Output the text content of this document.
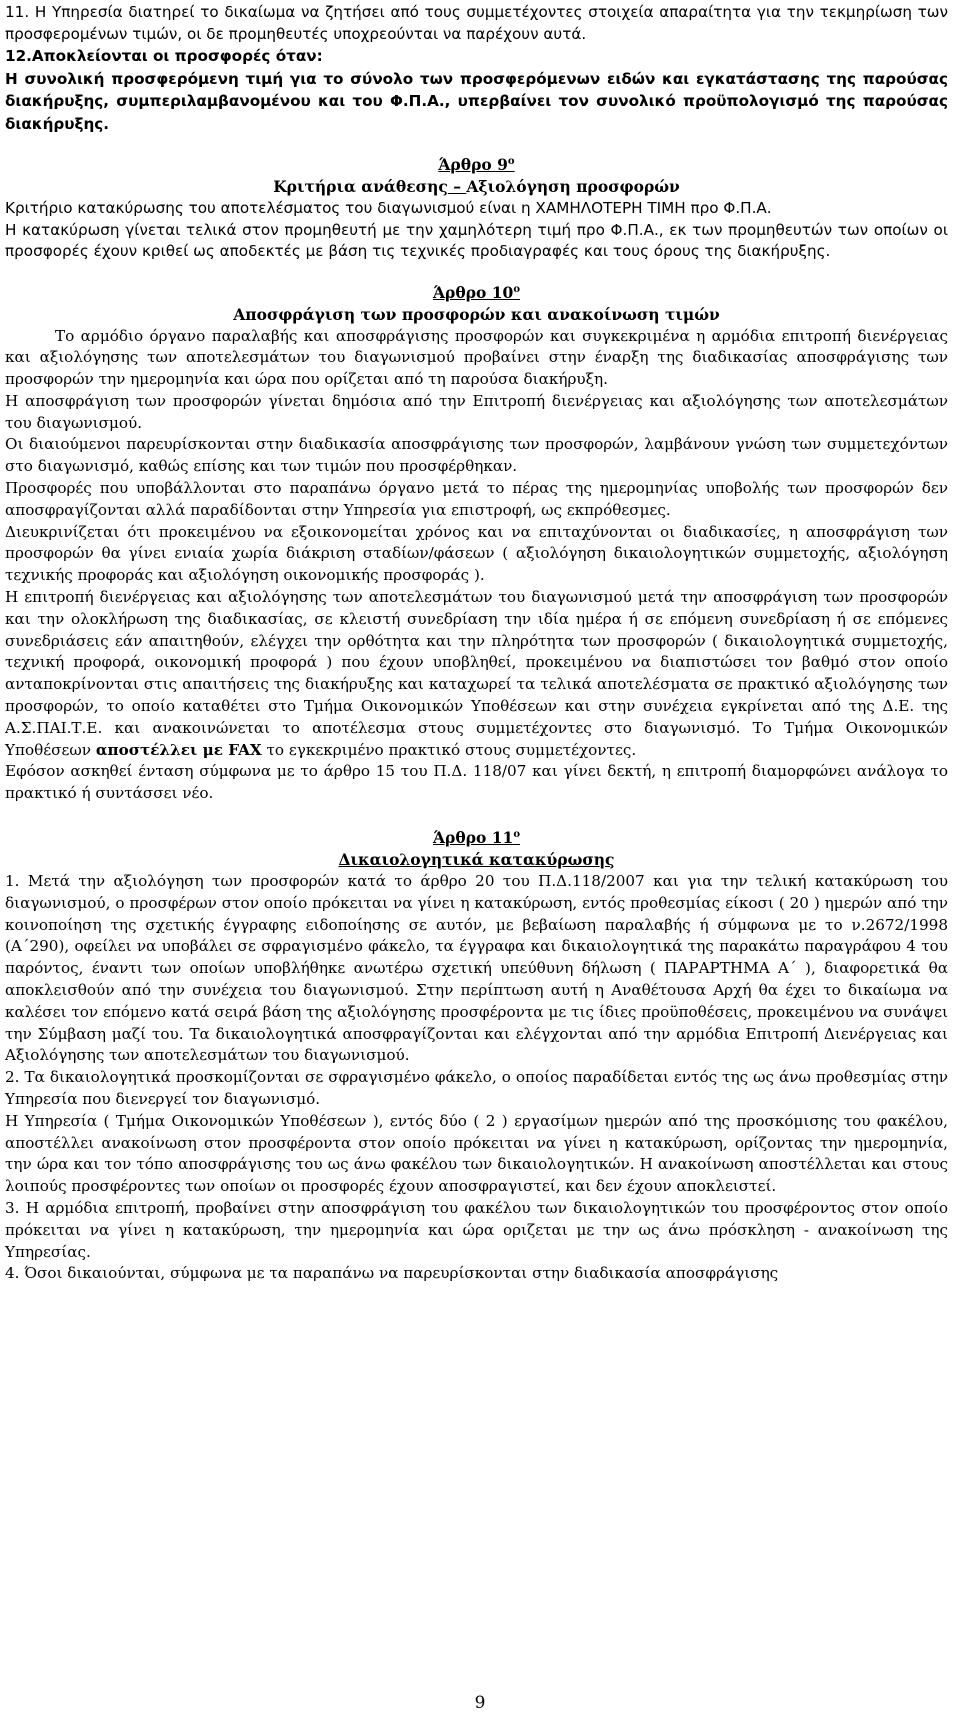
11. Η Υπηρεσία διατηρεί το δικαίωμα να ζητήσει από τους συμμετέχοντες στοιχεία απαραίτητα για την τεκμηρίωση των προσφερομένων τιμών, οι δε προμηθευτές υποχρεούνται να παρέχουν αυτά.

12.Αποκλείονται οι προσφορές όταν:

Η συνολική προσφερόμενη τιμή για το σύνολο των προσφερόμενων ειδών και εγκατάστασης της παρούσας διακήρυξης, συμπεριλαμβανομένου και του Φ.Π.Α., υπερβαίνει τον συνολικό προϋπολογισμό της παρούσας διακήρυξης.

Άρθρο $9^o$
Κριτήρια ανάθεσης – Αξιολόγηση προσφορών

Κριτήριο κατακύρωσης του αποτελέσματος του διαγωνισμού είναι η ΧΑΜΗΛΟΤΕΡΗ ΤΙΜΗ προ Φ.Π.Α.

Η κατακύρωση γίνεται τελικά στον προμηθευτή με την χαμηλότερη τιμή προ Φ.Π.Α., εκ των προμηθευτών των οποίων οι προσφορές έχουν κριθεί ως αποδεκτές με βάση τις τεχνικές προδιαγραφές και τους όρους της διακήρυξης.

Άρθρο $10^o$
Αποσφράγιση των προσφορών και ανακοίνωση τιμών

Το αρμόδιο όργανο παραλαβής και αποσφράγισης προσφορών και συγκεκριμένα η αρμόδια επιτροπή διενέργειας και αξιολόγησης των αποτελεσμάτων του διαγωνισμού προβαίνει στην έναρξη της διαδικασίας αποσφράγισης των προσφορών την ημερομηνία και ώρα που ορίζεται από τη παρούσα διακήρυξη.

Η αποσφράγιση των προσφορών γίνεται δημόσια από την Επιτροπή διενέργειας και αξιολόγησης των αποτελεσμάτων του διαγωνισμού.

Οι διαιούμενοι παρευρίσκονται στην διαδικασία αποσφράγισης των προσφορών, λαμβάνουν γνώση των συμμετεχόντων στο διαγωνισμό, καθώς επίσης και των τιμών που προσφέρθηκαν.

Προσφορές που υποβάλλονται στο παραπάνω όργανο μετά το πέρας της ημερομηνίας υποβολής των προσφορών δεν αποσφραγίζονται αλλά παραδίδονται στην Υπηρεσία για επιστροφή, ως εκπρόθεσμες.

Διευκρινίζεται ότι προκειμένου να εξοικονομείται χρόνος και να επιταχύνονται οι διαδικασίες, η αποσφράγιση των προσφορών θα γίνει ενιαία χωρία διάκριση σταδίων/φάσεων ( αξιολόγηση δικαιολογητικών συμμετοχής, αξιολόγηση τεχνικής προφοράς και αξιολόγηση οικονομικής προσφοράς ).

Η επιτροπή διενέργειας και αξιολόγησης των αποτελεσμάτων του διαγωνισμού μετά την αποσφράγιση των προσφορών και την ολοκλήρωση της διαδικασίας, σε κλειστή συνεδρίαση την ιδία ημέρα ή σε επόμενη συνεδρίαση ή σε επόμενες συνεδριάσεις εάν απαιτηθούν, ελέγχει την ορθότητα και την πληρότητα των προσφορών ( δικαιολογητικά συμμετοχής, τεχνική προφορά, οικονομική προφορά ) που έχουν υποβληθεί, προκειμένου να διαπιστώσει τον βαθμό στον οποίο ανταποκρίνονται στις απαιτήσεις της διακήρυξης και καταχωρεί τα τελικά αποτελέσματα σε πρακτικό αξιολόγησης των προσφορών, το οποίο καταθέτει στο Τμήμα Οικονομικών Υποθέσεων και στην συνέχεια εγκρίνεται από της Δ.Ε. της Α.Σ.ΠΑΙ.Τ.Ε. και ανακοινώνεται το αποτέλεσμα στους συμμετέχοντες στο διαγωνισμό. Το Τμήμα Οικονομικών Υποθέσεων αποστέλλει με FAX το εγκεκριμένο πρακτικό στους συμμετέχοντες.

Εφόσον ασκηθεί ένταση σύμφωνα με το άρθρο 15 του Π.Δ. 118/07 και γίνει δεκτή, η επιτροπή διαμορφώνει ανάλογα το πρακτικό ή συντάσσει νέο.

Άρθρο $11^o$
Δικαιολογητικά κατακύρωσης

1. Μετά την αξιολόγηση των προσφορών κατά το άρθρο 20 του Π.Δ.118/2007 και για την τελική κατακύρωση του διαγωνισμού, ο προσφέρων στον οποίο πρόκειται να γίνει η κατακύρωση, εντός προθεσμίας είκοσι ( 20 ) ημερών από την κοινοποίηση της σχετικής έγγραφης ειδοποίησης σε αυτόν, με βεβαίωση παραλαβής ή σύμφωνα με το ν.2672/1998 (Α΄290), οφείλει να υποβάλει σε σφραγισμένο φάκελο, τα έγγραφα και δικαιολογητικά της παρακάτω παραγράφου 4 του παρόντος, έναντι των οποίων υποβλήθηκε ανωτέρω σχετική υπεύθυνη δήλωση ( ΠΑΡΑΡΤΗΜΑ Α΄ ), διαφορετικά θα αποκλεισθούν από την συνέχεια του διαγωνισμού. Στην περίπτωση αυτή η Αναθέτουσα Αρχή θα έχει το δικαίωμα να καλέσει τον επόμενο κατά σειρά βάση της αξιολόγησης προσφέροντα με τις ίδιες προϋποθέσεις, προκειμένου να συνάψει την Σύμβαση μαζί του. Τα δικαιολογητικά αποσφραγίζονται και ελέγχονται από την αρμόδια Επιτροπή Διενέργειας και Αξιολόγησης των αποτελεσμάτων του διαγωνισμού.

2. Τα δικαιολογητικά προσκομίζονται σε σφραγισμένο φάκελο, ο οποίος παραδίδεται εντός της ως άνω προθεσμίας στην Υπηρεσία που διενεργεί τον διαγωνισμό.

Η Υπηρεσία ( Τμήμα Οικονομικών Υποθέσεων ), εντός δύο ( 2 ) εργασίμων ημερών από της προσκόμισης του φακέλου, αποστέλλει ανακοίνωση στον προσφέροντα στον οποίο πρόκειται να γίνει η κατακύρωση, ορίζοντας την ημερομηνία, την ώρα και τον τόπο αποσφράγισης του ως άνω φακέλου των δικαιολογητικών. Η ανακοίνωση αποστέλλεται και στους λοιπούς προσφέροντες των οποίων οι προσφορές έχουν αποσφραγιστεί, και δεν έχουν αποκλειστεί.

3. Η αρμόδια επιτροπή, προβαίνει στην αποσφράγιση του φακέλου των δικαιολογητικών του προσφέροντος στον οποίο πρόκειται να γίνει η κατακύρωση, την ημερομηνία και ώρα οριζεται με την ως άνω πρόσκληση - ανακοίνωση της Υπηρεσίας.

4. Όσοι δικαιούνται, σύμφωνα με τα παραπάνω να παρευρίσκονται στην διαδικασία αποσφράγισης

9
